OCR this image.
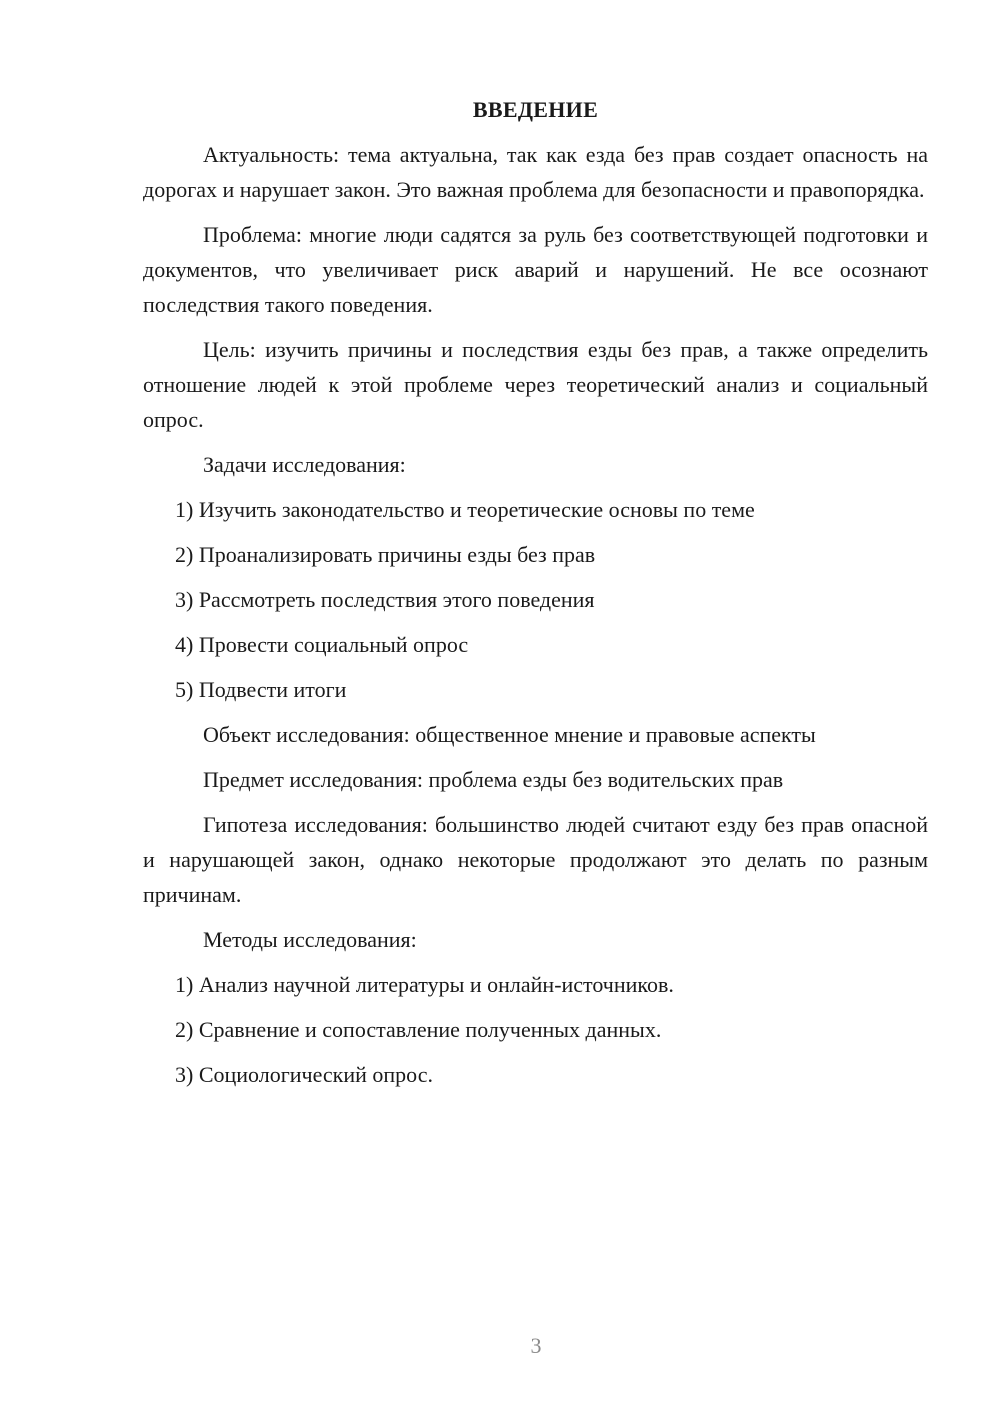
ВВЕДЕНИЕ
Актуальность: тема актуальна, так как езда без прав создает опасность на дорогах и нарушает закон. Это важная проблема для безопасности и правопорядка.
Проблема: многие люди садятся за руль без соответствующей подготовки и документов, что увеличивает риск аварий и нарушений. Не все осознают последствия такого поведения.
Цель: изучить причины и последствия езды без прав, а также определить отношение людей к этой проблеме через теоретический анализ и социальный опрос.
Задачи исследования:
1) Изучить законодательство и теоретические основы по теме
2) Проанализировать причины езды без прав
3) Рассмотреть последствия этого поведения
4) Провести социальный опрос
5) Подвести итоги
Объект исследования: общественное мнение и правовые аспекты
Предмет исследования: проблема езды без водительских прав
Гипотеза исследования: большинство людей считают езду без прав опасной и нарушающей закон, однако некоторые продолжают это делать по разным причинам.
Методы исследования:
1) Анализ научной литературы и онлайн-источников.
2) Сравнение и сопоставление полученных данных.
3) Социологический опрос.
3
